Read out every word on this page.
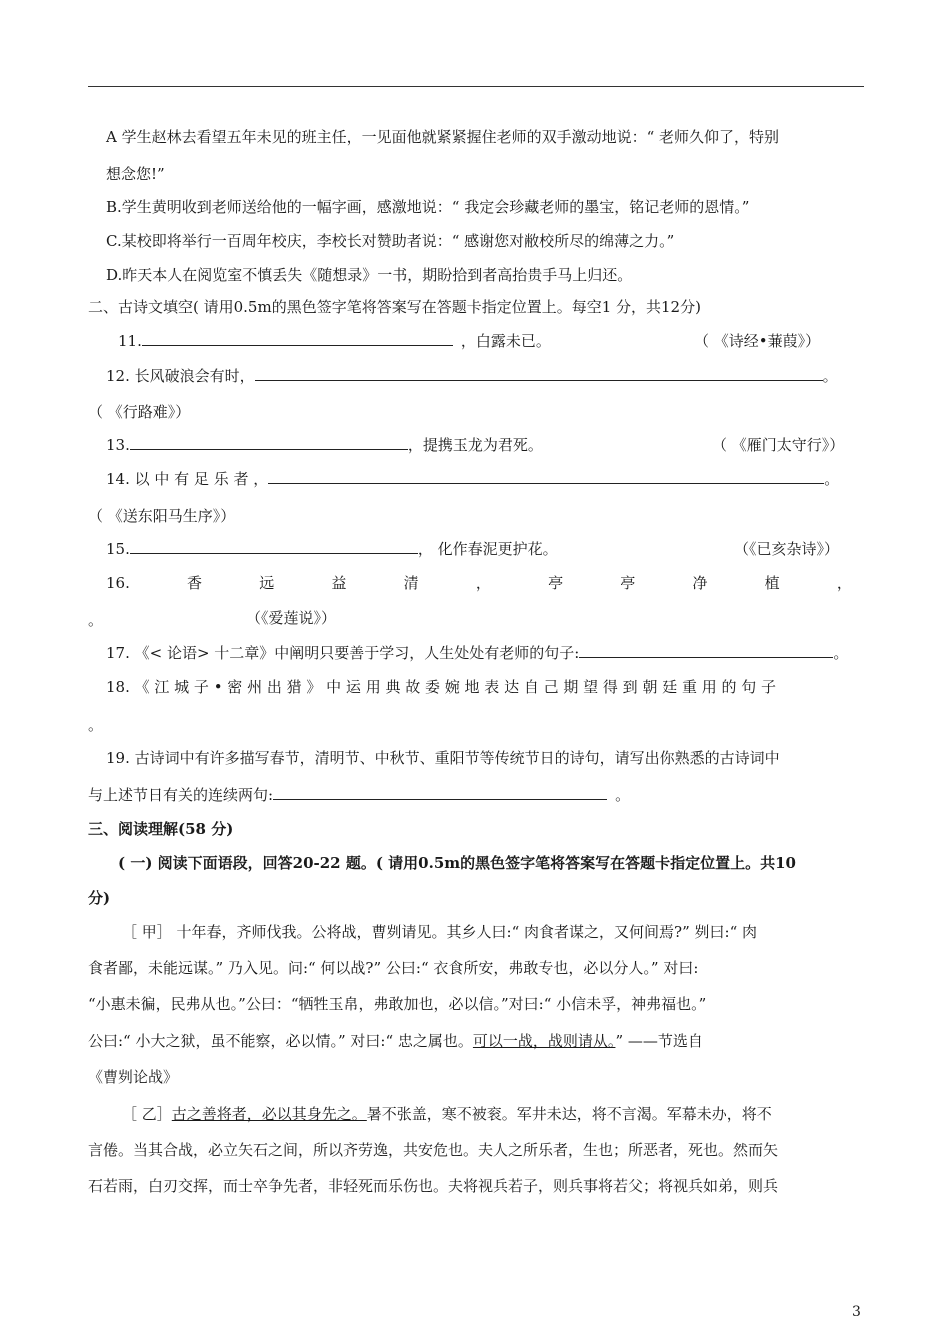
A 学生赵林去看望五年未见的班主任，一见面他就紧紧握住老师的双手激动地说：“ 老师久仰了，特别
想念您!”
B.学生黄明收到老师送给他的一幅字画，感激地说：“ 我定会珍藏老师的墨宝，铭记老师的恩情。”
C.某校即将举行一百周年校庆，李校长对赞助者说：“ 感谢您对敝校所尽的绵薄之力。”
D.昨天本人在阅览室不慎丢失《随想录》一书，期盼拾到者高抬贵手马上归还。
二、古诗文填空( 请用0.5m的黑色签字笔将答案写在答题卡指定位置上。每空1 分，共12分)
11.	，白露未已。	（ 《诗经•蒹葭》）
12. 长风破浪会有时，	。
（ 《行路难》）
13.	，提携玉龙为君死。	（ 《雁门太守行》）
14. 以 中 有 足 乐 者 ，	。
（ 《送东阳马生序》）
15.	， 化作春泥更护花。	（《已亥杂诗》）
16.	香	远	益	清	，	亭	亭	净	植	，
。	（《爱莲说》）
17. 《< 论语> 十二章》中阐明只要善于学习，人生处处有老师的句子:	。
18. 《 江 城 子 • 密 州 出 猎 》 中 运 用 典 故 委 婉 地 表 达 自 己 期 望 得 到 朝 廷 重 用 的 句 子
。
19. 古诗词中有许多描写春节，清明节、中秋节、重阳节等传统节日的诗句，请写出你熟悉的古诗词中
与上述节日有关的连续两句:	。
三、阅读理解(58 分)
( 一) 阅读下面语段，回答20-22 题。( 请用0.5m的黑色签字笔将答案写在答题卡指定位置上。共10
分)
［ 甲］ 十年春，齐师伐我。公将战，曹刿请见。其乡人曰:“ 肉食者谋之，又何间焉?” 刿曰:“ 肉
食者鄙，未能远谋。” 乃入见。问:“ 何以战?” 公曰:“ 衣食所安，弗敢专也，必以分人。” 对曰:
“小惠未徧，民弗从也。”公曰：“牺牲玉帛，弗敢加也，必以信。”对曰:“ 小信未孚，神弗福也。”
公曰:“ 小大之狱，虽不能察，必以情。” 对曰:“ 忠之属也。可以一战，战则请从。” ——节选自
《曹刿论战》
［ 乙］古之善将者，必以其身先之。暑不张盖，寒不被衮。军井未达，将不言渴。军幕未办，将不
言倦。当其合战，必立矢石之间，所以齐劳逸，共安危也。夫人之所乐者，生也；所恶者，死也。然而矢
石若雨，白刃交挥，而士卒争先者，非轻死而乐伤也。夫将视兵若子，则兵事将若父；将视兵如弟，则兵
3
